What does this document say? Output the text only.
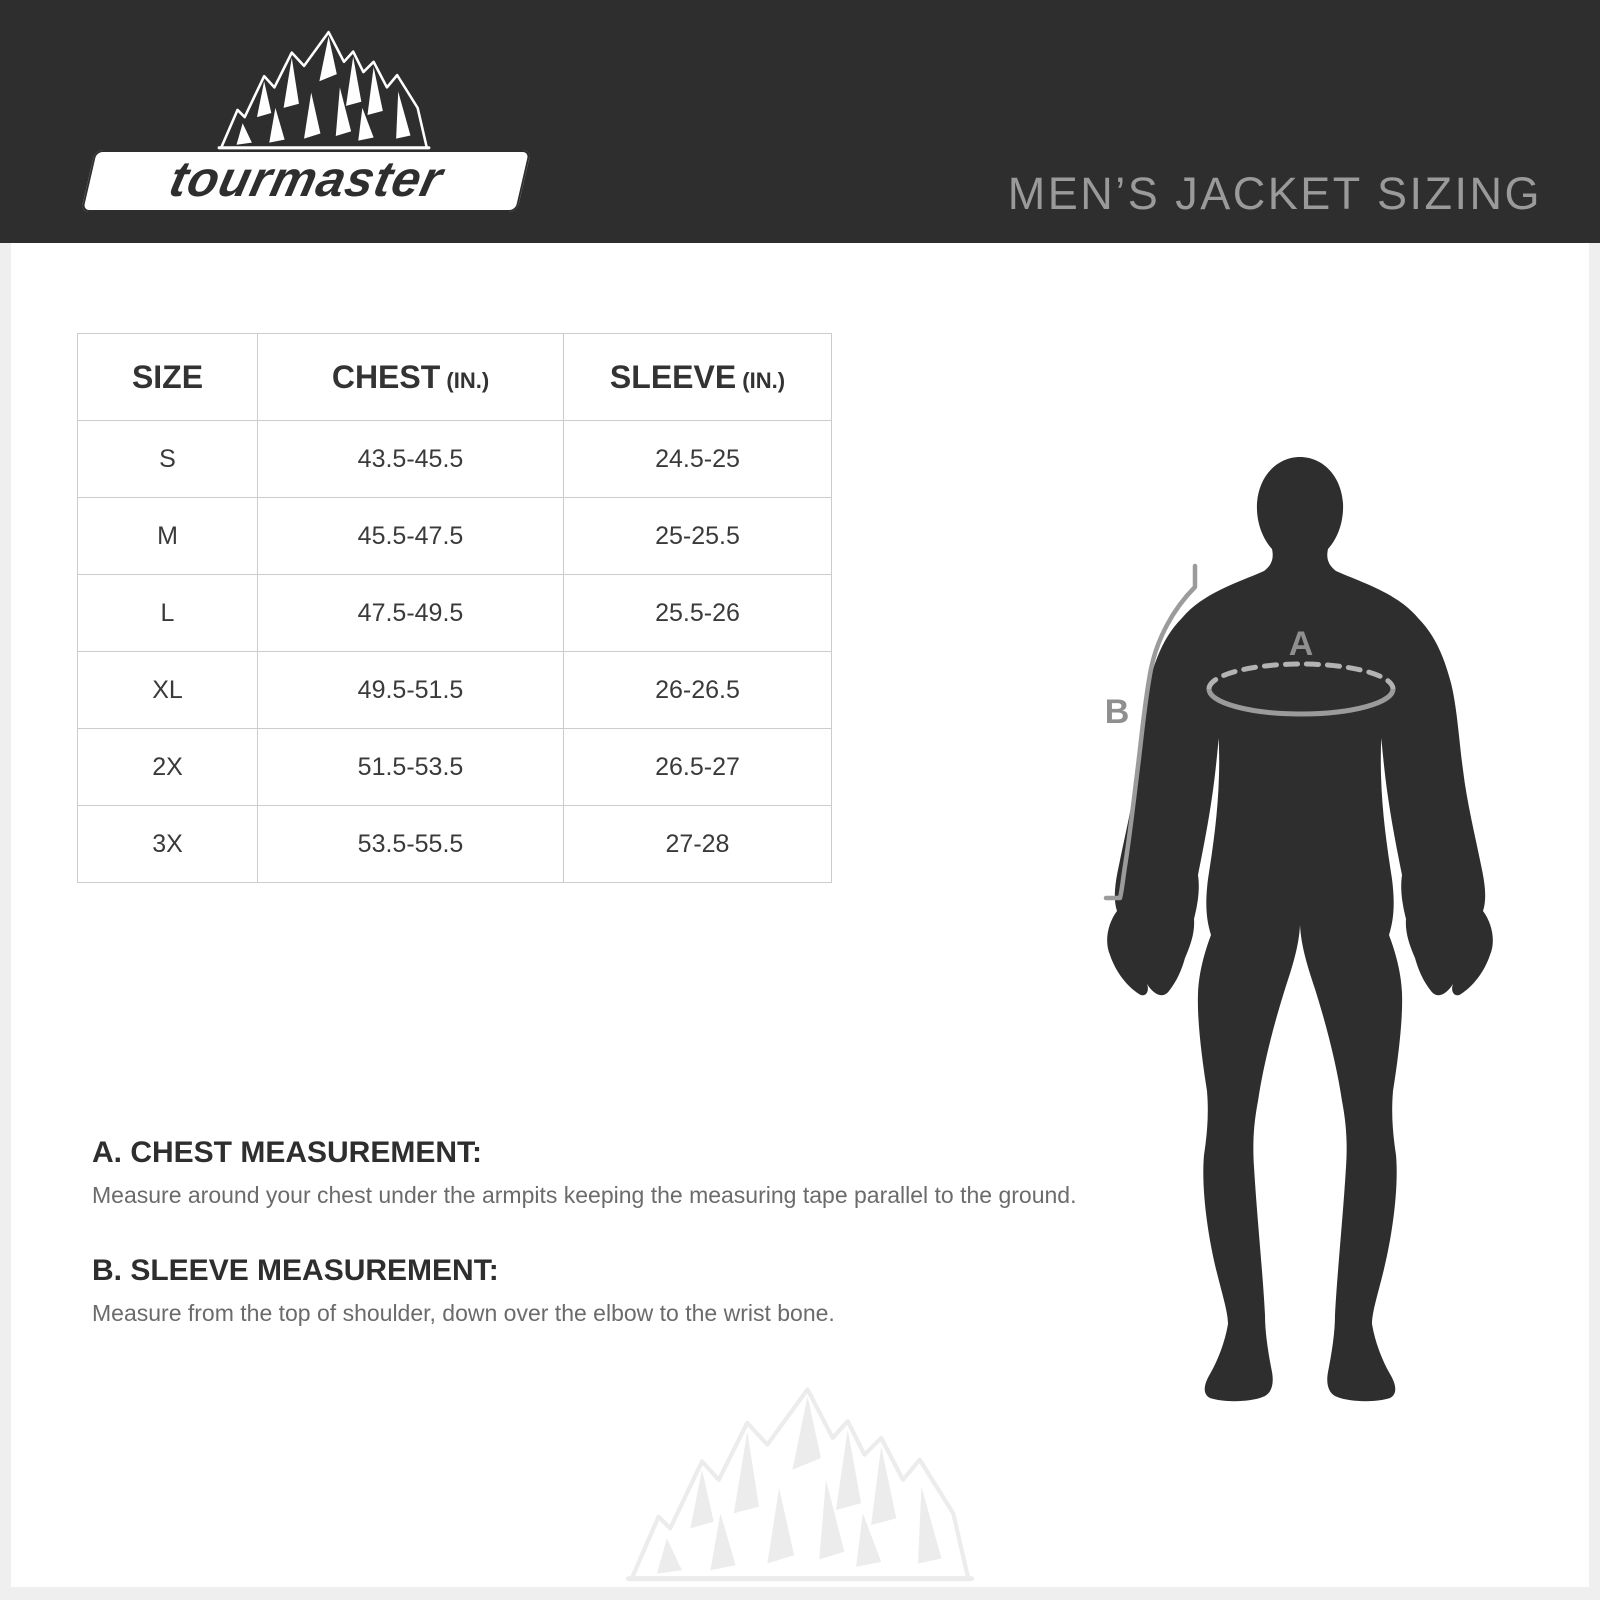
tourmaster	MEN’S JACKET SIZING
SIZE	CHEST (IN.)	SLEEVE (IN.)
S	43.5-45.5	24.5-25
M	45.5-47.5	25-25.5
L	47.5-49.5	25.5-26
XL	49.5-51.5	26-26.5
2X	51.5-53.5	26.5-27
3X	53.5-55.5	27-28
A
B
A. CHEST MEASUREMENT:
Measure around your chest under the armpits keeping the measuring tape parallel to the ground.
B. SLEEVE MEASUREMENT:
Measure from the top of shoulder, down over the elbow to the wrist bone.
